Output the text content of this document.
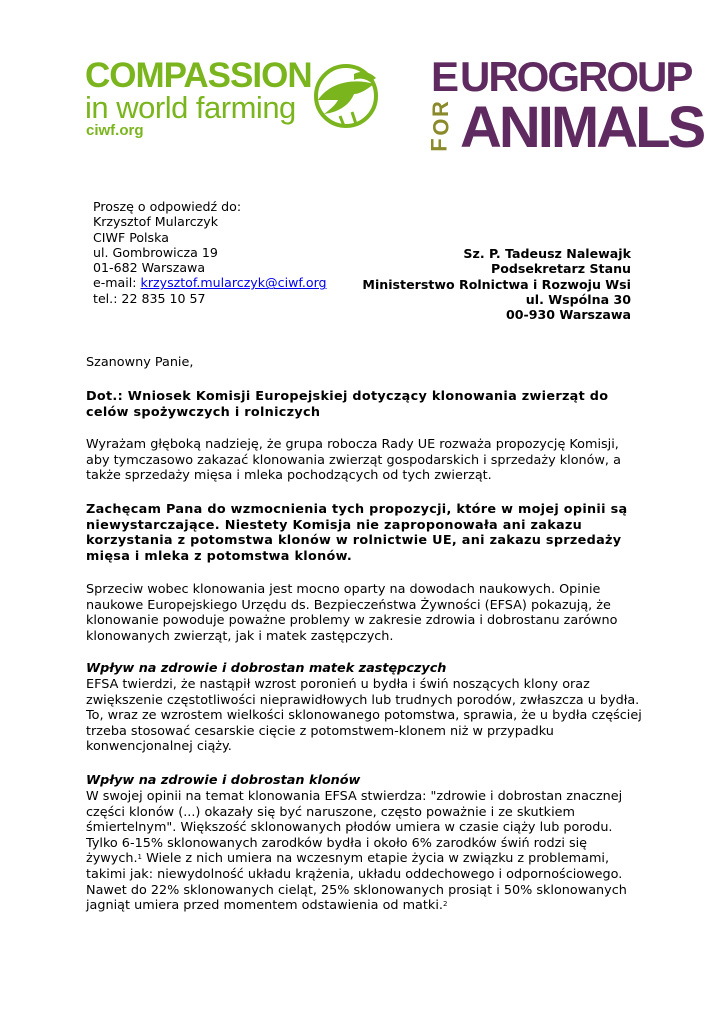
COMPASSION
in world farming
ciwf.org
E UROGROUP
F
O
R ANIMALS
Proszę o odpowiedź do:
Krzysztof Mularczyk
CIWF Polska
ul. Gombrowicza 19
01-682 Warszawa
e-mail: krzysztof.mularczyk@ciwf.org
tel.: 22 835 10 57
Sz. P. Tadeusz Nalewajk
Podsekretarz Stanu
Ministerstwo Rolnictwa i Rozwoju Wsi
ul. Wspólna 30
00-930 Warszawa

Szanowny Panie,

Dot.: Wniosek Komisji Europejskiej dotyczący klonowania zwierząt do celów spożywczych i rolniczych

Wyrażam głęboką nadzieję, że grupa robocza Rady UE rozważa propozycję Komisji, aby tymczasowo zakazać klonowania zwierząt gospodarskich i sprzedaży klonów, a także sprzedaży mięsa i mleka pochodzących od tych zwierząt.

Zachęcam Pana do wzmocnienia tych propozycji, które w mojej opinii są niewystarczające. Niestety Komisja nie zaproponowała ani zakazu korzystania z potomstwa klonów w rolnictwie UE, ani zakazu sprzedaży mięsa i mleka z potomstwa klonów.

Sprzeciw wobec klonowania jest mocno oparty na dowodach naukowych. Opinie naukowe Europejskiego Urzędu ds. Bezpieczeństwa Żywności (EFSA) pokazują, że klonowanie powoduje poważne problemy w zakresie zdrowia i dobrostanu zarówno klonowanych zwierząt, jak i matek zastępczych.

Wpływ na zdrowie i dobrostan matek zastępczych

EFSA twierdzi, że nastąpił wzrost poronień u bydła i świń noszących klony oraz zwiększenie częstotliwości nieprawidłowych lub trudnych porodów, zwłaszcza u bydła. To, wraz ze wzrostem wielkości sklonowanego potomstwa, sprawia, że u bydła częściej trzeba stosować cesarskie cięcie z potomstwem-klonem niż w przypadku konwencjonalnej ciąży.

Wpływ na zdrowie i dobrostan klonów

W swojej opinii na temat klonowania EFSA stwierdza: "zdrowie i dobrostan znacznej części klonów (...) okazały się być naruszone, często poważnie i ze skutkiem śmiertelnym". Większość sklonowanych płodów umiera w czasie ciąży lub porodu. Tylko 6-15% sklonowanych zarodków bydła i około 6% zarodków świń rodzi się żywych.$^1$ Wiele z nich umiera na wczesnym etapie życia w związku z problemami, takimi jak: niewydolność układu krążenia, układu oddechowego i odpornościowego. Nawet do 22% sklonowanych cieląt, 25% sklonowanych prosiąt i 50% sklonowanych jagniąt umiera przed momentem odstawienia od matki.$^2$
